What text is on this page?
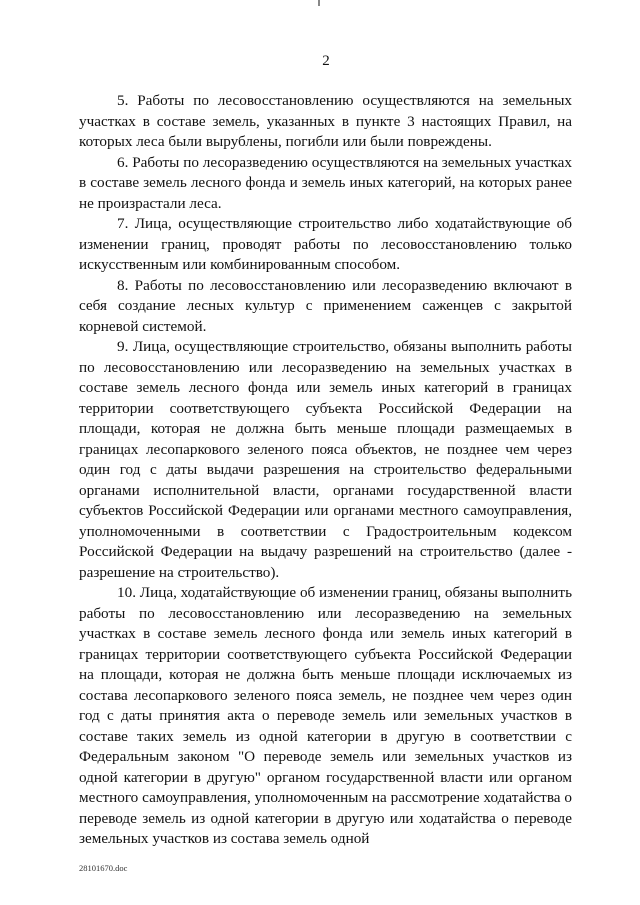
2

5. Работы по лесовосстановлению осуществляются на земельных участках в составе земель, указанных в пункте 3 настоящих Правил, на которых леса были вырублены, погибли или были повреждены.

6. Работы по лесоразведению осуществляются на земельных участках в составе земель лесного фонда и земель иных категорий, на которых ранее не произрастали леса.

7. Лица, осуществляющие строительство либо ходатайствующие об изменении границ, проводят работы по лесовосстановлению только искусственным или комбинированным способом.

8. Работы по лесовосстановлению или лесоразведению включают в себя создание лесных культур с применением саженцев с закрытой корневой системой.

9. Лица, осуществляющие строительство, обязаны выполнить работы по лесовосстановлению или лесоразведению на земельных участках в составе земель лесного фонда или земель иных категорий в границах территории соответствующего субъекта Российской Федерации на площади, которая не должна быть меньше площади размещаемых в границах лесопаркового зеленого пояса объектов, не позднее чем через один год с даты выдачи разрешения на строительство федеральными органами исполнительной власти, органами государственной власти субъектов Российской Федерации или органами местного самоуправления, уполномоченными в соответствии с Градостроительным кодексом Российской Федерации на выдачу разрешений на строительство (далее - разрешение на строительство).

10. Лица, ходатайствующие об изменении границ, обязаны выполнить работы по лесовосстановлению или лесоразведению на земельных участках в составе земель лесного фонда или земель иных категорий в границах территории соответствующего субъекта Российской Федерации на площади, которая не должна быть меньше площади исключаемых из состава лесопаркового зеленого пояса земель, не позднее чем через один год с даты принятия акта о переводе земель или земельных участков в составе таких земель из одной категории в другую в соответствии с Федеральным законом "О переводе земель или земельных участков из одной категории в другую" органом государственной власти или органом местного самоуправления, уполномоченным на рассмотрение ходатайства о переводе земель из одной категории в другую или ходатайства о переводе земельных участков из состава земель одной

28101670.doc
